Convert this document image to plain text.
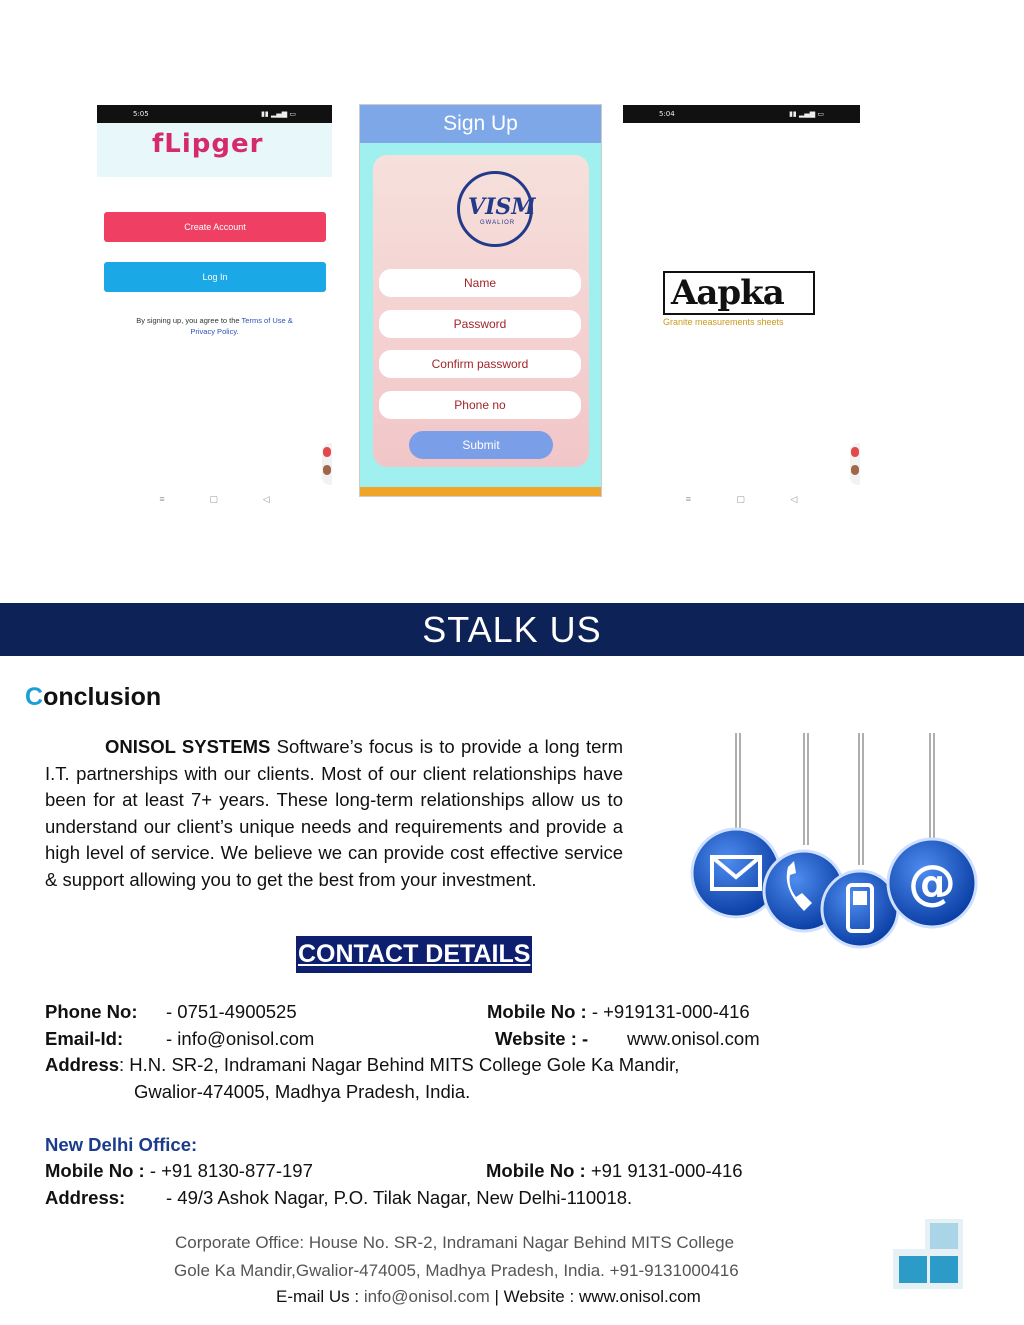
5:05	▮▮ ▂▄▆ ▭
fLipger
Create Account
Log In
By signing up, you agree to the Terms of Use &
Privacy Policy.
≡	▢	◁
Sign Up
VISM
GWALIOR
Name
Password
Confirm password
Phone no
Submit
5:04	▮▮ ▂▄▆ ▭
Aapka
Granite measurements sheets
≡	▢	◁
STALK US
Conclusion
ONISOL SYSTEMS Software’s focus is to provide a long term I.T. partnerships with our clients. Most of our client relationships have been for at least 7+ years. These long-term relationships allow us to understand our client’s unique needs and requirements and provide a high level of service. We believe we can provide cost effective service & support allowing you to get the best from your investment.	@
CONTACT DETAILS
Phone No: - 0751-4900525	Mobile No : - +919131-000-416
Email-Id: - info@onisol.com	Website : - www.onisol.com
Address: H.N. SR-2, Indramani Nagar Behind MITS College Gole Ka Mandir,
Gwalior-474005, Madhya Pradesh, India.
New Delhi Office:
Mobile No : - +91 8130-877-197	Mobile No : +91 9131-000-416
Address: - 49/3 Ashok Nagar, P.O. Tilak Nagar, New Delhi-110018.
Corporate Office: House No. SR-2, Indramani Nagar Behind MITS College
Gole Ka Mandir,Gwalior-474005, Madhya Pradesh, India. +91-9131000416
E-mail Us : info@onisol.com | Website : www.onisol.com
